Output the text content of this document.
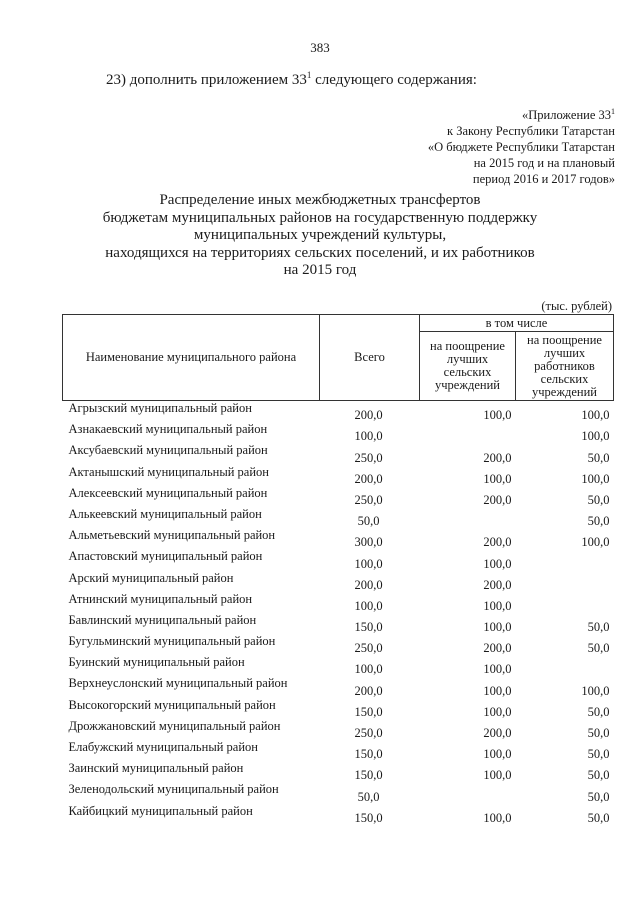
383
23) дополнить приложением $33^1$ следующего содержания:
«Приложение $33^1$
к Закону Республики Татарстан
«О бюджете Республики Татарстан
на 2015 год и на плановый
период 2016 и 2017 годов»
Распределение иных межбюджетных трансфертов
бюджетам муниципальных районов на государственную поддержку
муниципальных учреждений культуры,
находящихся на территориях сельских поселений, и их работников
на 2015 год
(тыс. рублей)
Наименование муниципального района	Всего	в том числе	
		на поощрение лучших сельских учреждений	на поощрение лучших работников сельских учреждений
Агрызский муниципальный район	200,0	100,0	100,0
Азнакаевский муниципальный район	100,0		100,0
Аксубаевский муниципальный район	250,0	200,0	50,0
Актанышский муниципальный район	200,0	100,0	100,0
Алексеевский муниципальный район	250,0	200,0	50,0
Алькеевский муниципальный район	50,0		50,0
Альметьевский муниципальный район	300,0	200,0	100,0
Апастовский муниципальный район	100,0	100,0	
Арский муниципальный район	200,0	200,0	
Атнинский муниципальный район	100,0	100,0	
Бавлинский муниципальный район	150,0	100,0	50,0
Бугульминский муниципальный район	250,0	200,0	50,0
Буинский муниципальный район	100,0	100,0	
Верхнеуслонский муниципальный район	200,0	100,0	100,0
Высокогорский муниципальный район	150,0	100,0	50,0
Дрожжановский муниципальный район	250,0	200,0	50,0
Елабужский муниципальный район	150,0	100,0	50,0
Заинский муниципальный район	150,0	100,0	50,0
Зеленодольский муниципальный район	50,0		50,0
Кайбицкий муниципальный район	150,0	100,0	50,0
